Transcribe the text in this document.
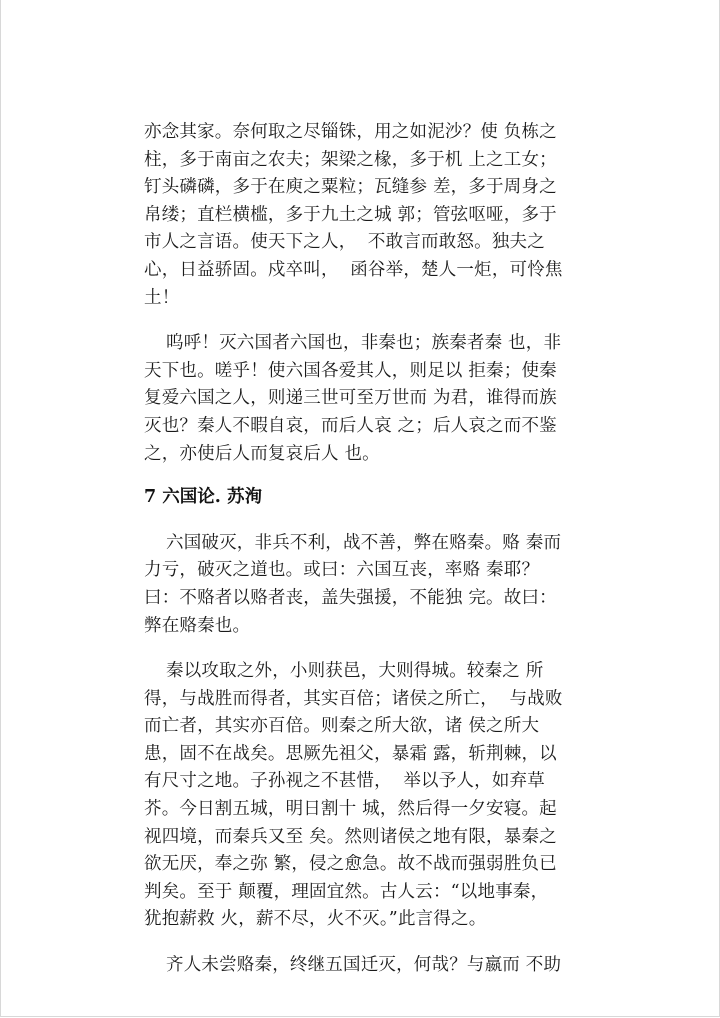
亦念其家。奈何取之尽锱铢，用之如泥沙？使 负栋之
柱，多于南亩之农夫；架梁之椽，多于机 上之工女；
钉头磷磷，多于在庾之粟粒；瓦缝参 差，多于周身之
帛缕；直栏横槛，多于九土之城 郭；管弦呕哑，多于
市人之言语。使天下之人，  不敢言而敢怒。独夫之
心，日益骄固。戍卒叫，  函谷举，楚人一炬，可怜焦
土！
呜呼！灭六国者六国也，非秦也；族秦者秦 也，非
天下也。嗟乎！使六国各爱其人，则足以 拒秦；使秦
复爱六国之人，则递三世可至万世而 为君，谁得而族
灭也？秦人不暇自哀，而后人哀 之；后人哀之而不鉴
之，亦使后人而复哀后人 也。
7 六国论. 苏洵
六国破灭，非兵不利，战不善，弊在赂秦。赂 秦而
力亏，破灭之道也。或曰：六国互丧，率赂 秦耶？
曰：不赂者以赂者丧，盖失强援，不能独 完。故曰：
弊在赂秦也。
秦以攻取之外，小则获邑，大则得城。较秦之 所
得，与战胜而得者，其实百倍；诸侯之所亡，  与战败
而亡者，其实亦百倍。则秦之所大欲，诸 侯之所大
患，固不在战矣。思厥先祖父，暴霜 露，斩荆棘，以
有尺寸之地。子孙视之不甚惜，  举以予人，如弃草
芥。今日割五城，明日割十 城，然后得一夕安寝。起
视四境，而秦兵又至 矣。然则诸侯之地有限，暴秦之
欲无厌，奉之弥 繁，侵之愈急。故不战而强弱胜负已
判矣。至于 颠覆，理固宜然。古人云：“以地事秦，
犹抱薪救 火，薪不尽，火不灭。”此言得之。
齐人未尝赂秦，终继五国迁灭，何哉？与嬴而 不助
